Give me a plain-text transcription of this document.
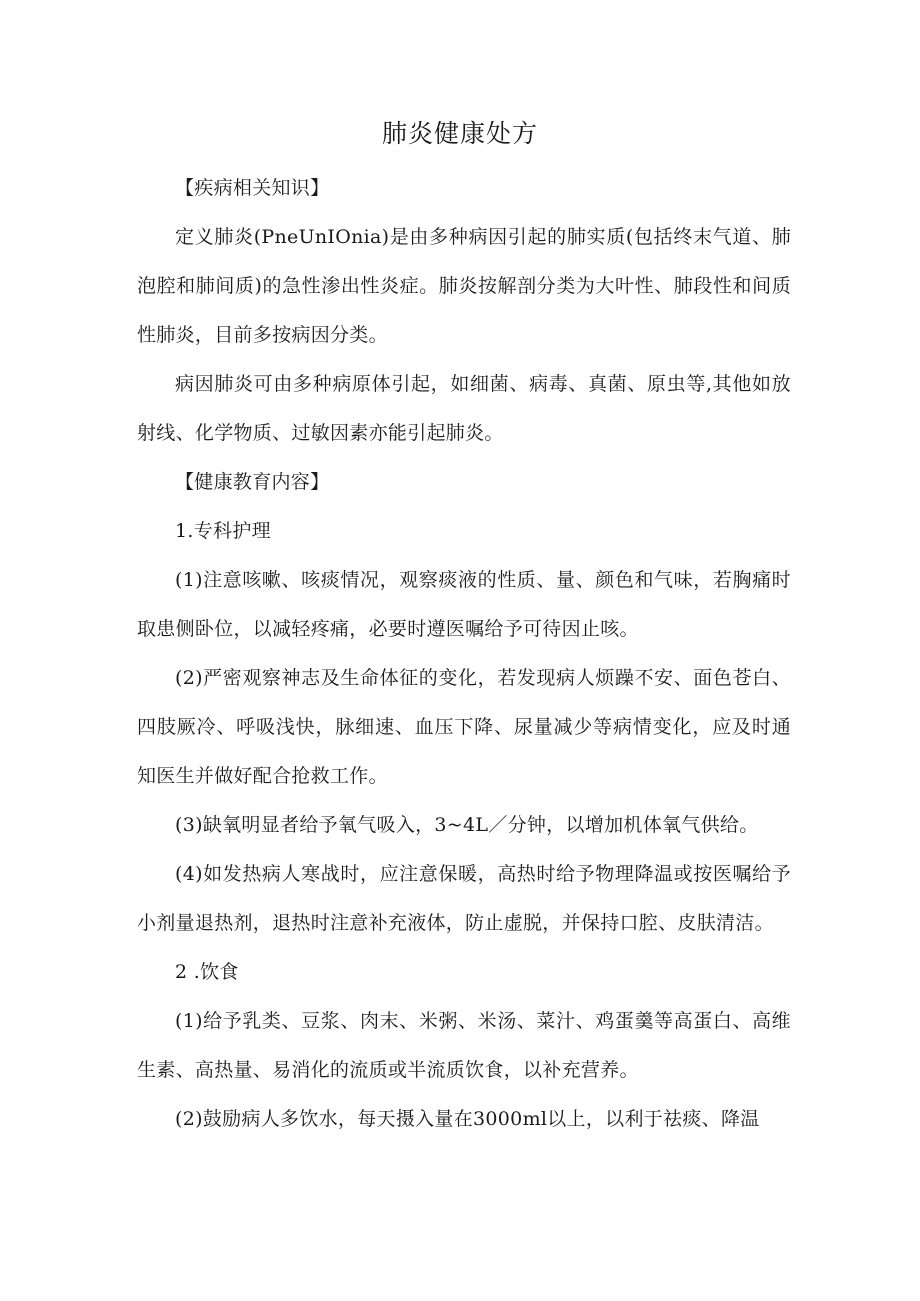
肺炎健康处方

【疾病相关知识】

定义肺炎(PneUnIOnia)是由多种病因引起的肺实质(包括终末气道、肺泡腔和肺间质)的急性渗出性炎症。肺炎按解剖分类为大叶性、肺段性和间质性肺炎，目前多按病因分类。

病因肺炎可由多种病原体引起，如细菌、病毒、真菌、原虫等,其他如放射线、化学物质、过敏因素亦能引起肺炎。

【健康教育内容】

1.专科护理

(1)注意咳嗽、咳痰情况，观察痰液的性质、量、颜色和气味，若胸痛时取患侧卧位，以减轻疼痛，必要时遵医嘱给予可待因止咳。

(2)严密观察神志及生命体征的变化，若发现病人烦躁不安、面色苍白、四肢厥冷、呼吸浅快，脉细速、血压下降、尿量减少等病情变化，应及时通知医生并做好配合抢救工作。

(3)缺氧明显者给予氧气吸入，3~4L／分钟，以增加机体氧气供给。

(4)如发热病人寒战时，应注意保暖，高热时给予物理降温或按医嘱给予小剂量退热剂，退热时注意补充液体，防止虚脱，并保持口腔、皮肤清洁。

2 .饮食

(1)给予乳类、豆浆、肉末、米粥、米汤、菜汁、鸡蛋羹等高蛋白、高维生素、高热量、易消化的流质或半流质饮食，以补充营养。

(2)鼓励病人多饮水，每天摄入量在3000ml以上，以利于祛痰、降温
